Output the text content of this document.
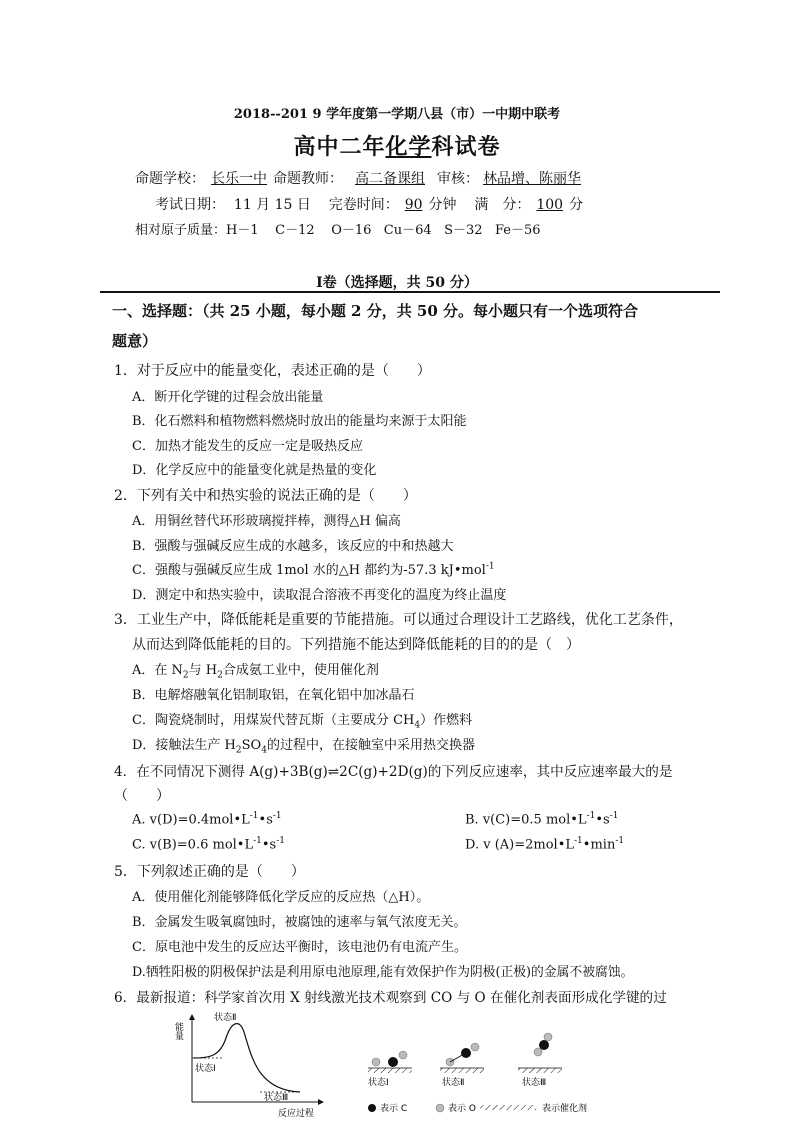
2018--201 9 学年度第一学期八县（市）一中期中联考
高中二年化学科试卷
命题学校： 长乐一中 命题教师： 高二备课组 审核： 林品增、陈丽华
考试日期： 11 月 15 日 完卷时间： 90 分钟 满　分： 100 分
相对原子质量：H－1 C－12 O－16 Cu－64 S－32 Fe－56
Ⅰ卷（选择题，共 50 分）
一、选择题：（共 25 小题，每小题 2 分，共 50 分。每小题只有一个选项符合
题意）
1．对于反应中的能量变化，表述正确的是（　　）
A．断开化学键的过程会放出能量
B．化石燃料和植物燃料燃烧时放出的能量均来源于太阳能
C．加热才能发生的反应一定是吸热反应
D．化学反应中的能量变化就是热量的变化
2．下列有关中和热实验的说法正确的是（　　）
A．用铜丝替代环形玻璃搅拌棒，测得△H 偏高
B．强酸与强碱反应生成的水越多，该反应的中和热越大
C．强酸与强碱反应生成 1mol 水的△H 都约为-57.3 kJ•mol$^{-1}$
D．测定中和热实验中，读取混合溶液不再变化的温度为终止温度
3．工业生产中，降低能耗是重要的节能措施。可以通过合理设计工艺路线，优化工艺条件，
从而达到降低能耗的目的。下列措施不能达到降低能耗的目的的是（　）
A．在 $N_2$与 $H_2$合成氨工业中，使用催化剂
B．电解熔融氧化铝制取铝，在氧化铝中加冰晶石
C．陶瓷烧制时，用煤炭代替瓦斯（主要成分 $CH_4$）作燃料
D．接触法生产 $H_2SO_4$的过程中，在接触室中采用热交换器
4．在不同情况下测得 A(g)+3B(g)⇌2C(g)+2D(g)的下列反应速率，其中反应速率最大的是
（　　）
A. $v(D)=0.4mol•L^{-1}•s^{-1}$	B. v(C)=0.5 $mol•L^{-1}•s^{-1}$
C. v(B)=0.6 $mol•L^{-1}•s^{-1}$	D. v $(A)=2mol•L^{-1}•\min^{-1}$
5．下列叙述正确的是（　　）
A．使用催化剂能够降低化学反应的反应热（△H）。
B．金属发生吸氧腐蚀时，被腐蚀的速率与氧气浓度无关。
C．原电池中发生的反应达平衡时，该电池仍有电流产生。
D.牺牲阳极的阴极保护法是利用原电池原理,能有效保护作为阴极(正极)的金属不被腐蚀。
6．最新报道：科学家首次用 X 射线激光技术观察到 CO 与 O 在催化剂表面形成化学键的过
能量
状态Ⅱ
状态Ⅰ
状态Ⅲ
反应过程
状态Ⅰ	状态Ⅱ	状态Ⅲ
表示 C	表示 O	表示催化剂
